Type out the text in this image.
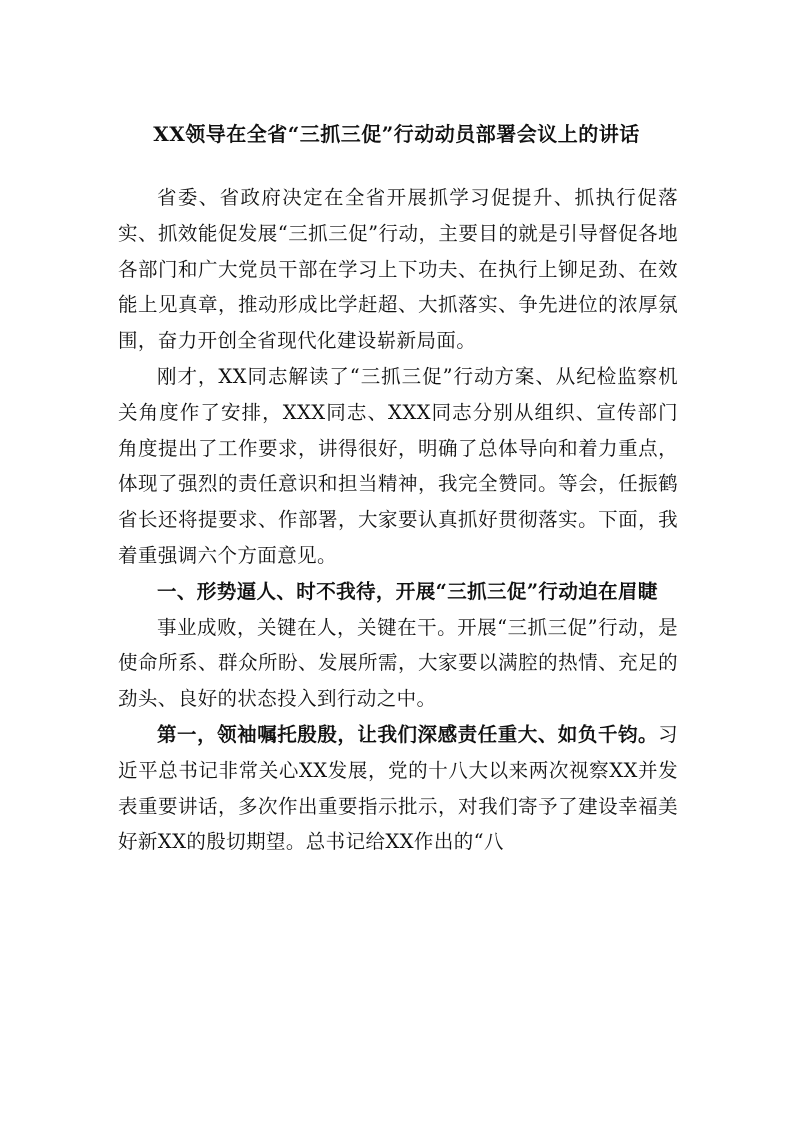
XX领导在全省“三抓三促”行动动员部署会议上的讲话

省委、省政府决定在全省开展抓学习促提升、抓执行促落实、抓效能促发展“三抓三促”行动，主要目的就是引导督促各地各部门和广大党员干部在学习上下功夫、在执行上铆足劲、在效能上见真章，推动形成比学赶超、大抓落实、争先进位的浓厚氛围，奋力开创全省现代化建设崭新局面。

刚才，XX同志解读了“三抓三促”行动方案、从纪检监察机关角度作了安排，XXX同志、XXX同志分别从组织、宣传部门角度提出了工作要求，讲得很好，明确了总体导向和着力重点，体现了强烈的责任意识和担当精神，我完全赞同。等会，任振鹤省长还将提要求、作部署，大家要认真抓好贯彻落实。下面，我着重强调六个方面意见。

一、形势逼人、时不我待，开展“三抓三促”行动迫在眉睫

事业成败，关键在人，关键在干。开展“三抓三促”行动，是使命所系、群众所盼、发展所需，大家要以满腔的热情、充足的劲头、良好的状态投入到行动之中。

第一，领袖嘱托殷殷，让我们深感责任重大、如负千钧。习近平总书记非常关心XX发展，党的十八大以来两次视察XX并发表重要讲话，多次作出重要指示批示，对我们寄予了建设幸福美好新XX的殷切期望。总书记给XX作出的“八
